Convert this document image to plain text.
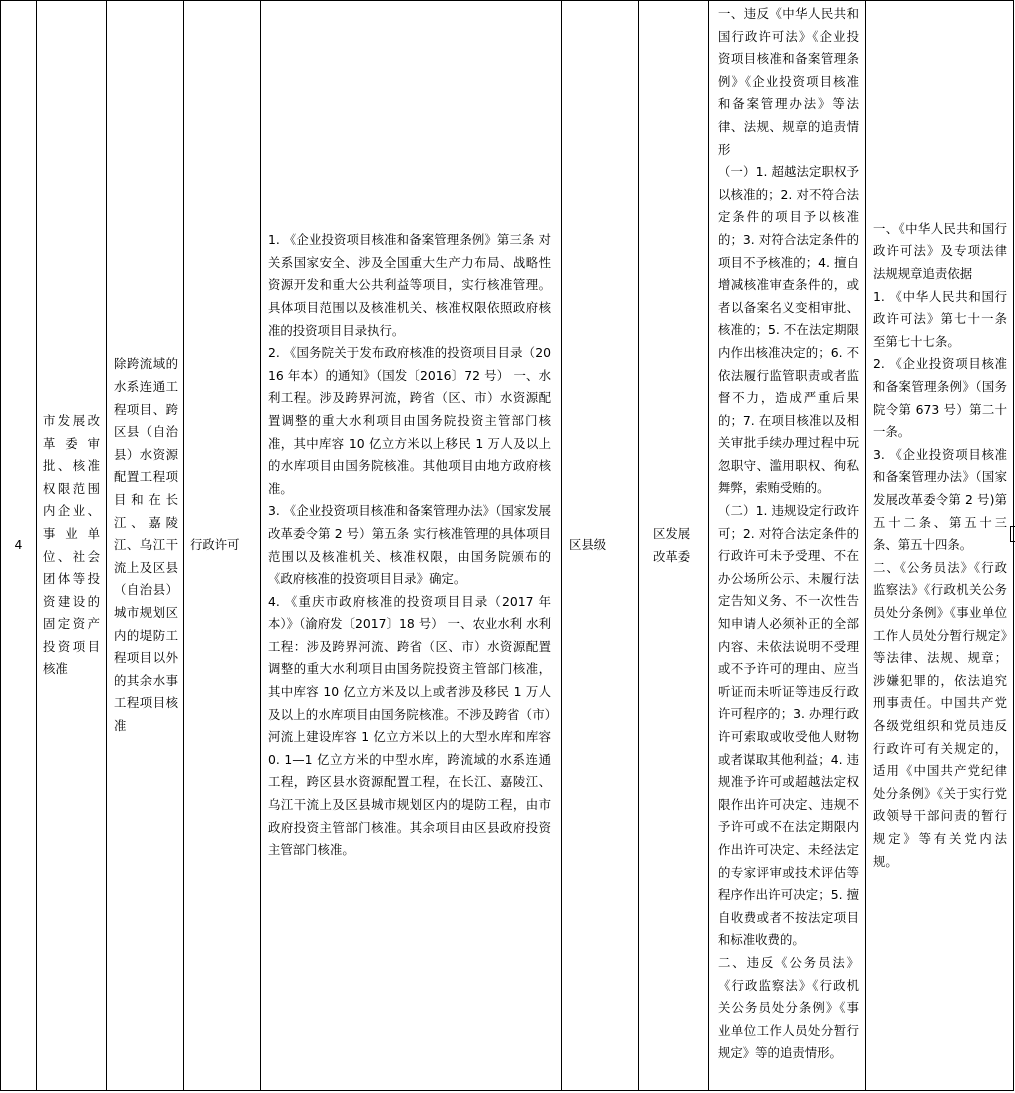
4

市发展改革委审批、核准权限范围内企业、事业单位、社会团体等投资建设的固定资产投资项目核准

除跨流域的水系连通工程项目、跨区县（自治县）水资源配置工程项目和在长江、嘉陵江、乌江干流上及区县（自治县）城市规划区内的堤防工程项目以外的其余水事工程项目核准

行政许可

1. 《企业投资项目核准和备案管理条例》第三条 对关系国家安全、涉及全国重大生产力布局、战略性资源开发和重大公共利益等项目，实行核准管理。具体项目范围以及核准机关、核准权限依照政府核准的投资项目目录执行。
2. 《国务院关于发布政府核准的投资项目目录（2016 年本）的通知》（国发〔2016〕72 号） 一、水利工程。涉及跨界河流，跨省（区、市）水资源配置调整的重大水利项目由国务院投资主管部门核准，其中库容 10 亿立方米以上移民 1 万人及以上的水库项目由国务院核准。其他项目由地方政府核准。
3. 《企业投资项目核准和备案管理办法》（国家发展改革委令第 2 号）第五条 实行核准管理的具体项目范围以及核准机关、核准权限，由国务院颁布的《政府核准的投资项目目录》确定。
4. 《重庆市政府核准的投资项目目录（2017 年本）》（渝府发〔2017〕18 号） 一、农业水利 水利工程：涉及跨界河流、跨省（区、市）水资源配置调整的重大水利项目由国务院投资主管部门核准，其中库容 10 亿立方米及以上或者涉及移民 1 万人及以上的水库项目由国务院核准。不涉及跨省（市）河流上建设库容 1 亿立方米以上的大型水库和库容 0. 1—1 亿立方米的中型水库，跨流域的水系连通工程，跨区县水资源配置工程，在长江、嘉陵江、乌江干流上及区县城市规划区内的堤防工程，由市政府投资主管部门核准。其余项目由区县政府投资主管部门核准。

区县级

区发展改革委

一、违反《中华人民共和国行政许可法》《企业投资项目核准和备案管理条例》《企业投资项目核准和备案管理办法》等法律、法规、规章的追责情形
（一）1. 超越法定职权予以核准的；2. 对不符合法定条件的项目予以核准的；3. 对符合法定条件的项目不予核准的；4. 擅自增减核准审查条件的，或者以备案名义变相审批、核准的；5. 不在法定期限内作出核准决定的；6. 不依法履行监管职责或者监督不力，造成严重后果的；7. 在项目核准以及相关审批手续办理过程中玩忽职守、滥用职权、徇私舞弊，索贿受贿的。
（二）1. 违规设定行政许可；2. 对符合法定条件的行政许可未予受理、不在办公场所公示、未履行法定告知义务、不一次性告知申请人必须补正的全部内容、未依法说明不受理或不予许可的理由、应当听证而未听证等违反行政许可程序的；3. 办理行政许可索取或收受他人财物或者谋取其他利益；4. 违规准予许可或超越法定权限作出许可决定、违规不予许可或不在法定期限内作出许可决定、未经法定的专家评审或技术评估等程序作出许可决定；5. 擅自收费或者不按法定项目和标准收费的。
二、违反《公务员法》《行政监察法》《行政机关公务员处分条例》《事业单位工作人员处分暂行规定》等的追责情形。

一、《中华人民共和国行政许可法》及专项法律法规规章追责依据
1. 《中华人民共和国行政许可法》第七十一条至第七十七条。
2. 《企业投资项目核准和备案管理条例》（国务院令第 673 号）第二十一条。
3. 《企业投资项目核准和备案管理办法》（国家发展改革委令第 2 号)第五十二条、第五十三条、第五十四条。
二、《公务员法》《行政监察法》《行政机关公务员处分条例》《事业单位工作人员处分暂行规定》等法律、法规、规章；涉嫌犯罪的，依法追究刑事责任。中国共产党各级党组织和党员违反行政许可有关规定的，适用《中国共产党纪律处分条例》《关于实行党政领导干部问责的暂行规定》等有关党内法规。
